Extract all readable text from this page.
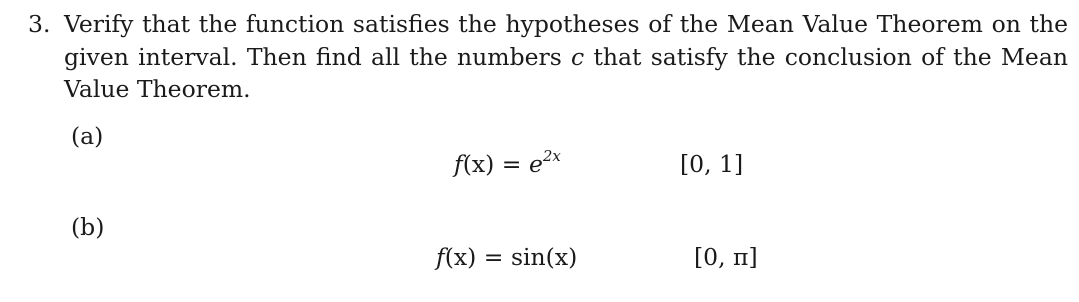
3. Verify that the function satisfies the hypotheses of the Mean Value Theorem on the given interval. Then find all the numbers c that satisfy the conclusion of the Mean Value Theorem.
(a)
$f(x) = e^{2x}$	[0, 1]
(b)
f(x) = sin(x)	[0, π]
